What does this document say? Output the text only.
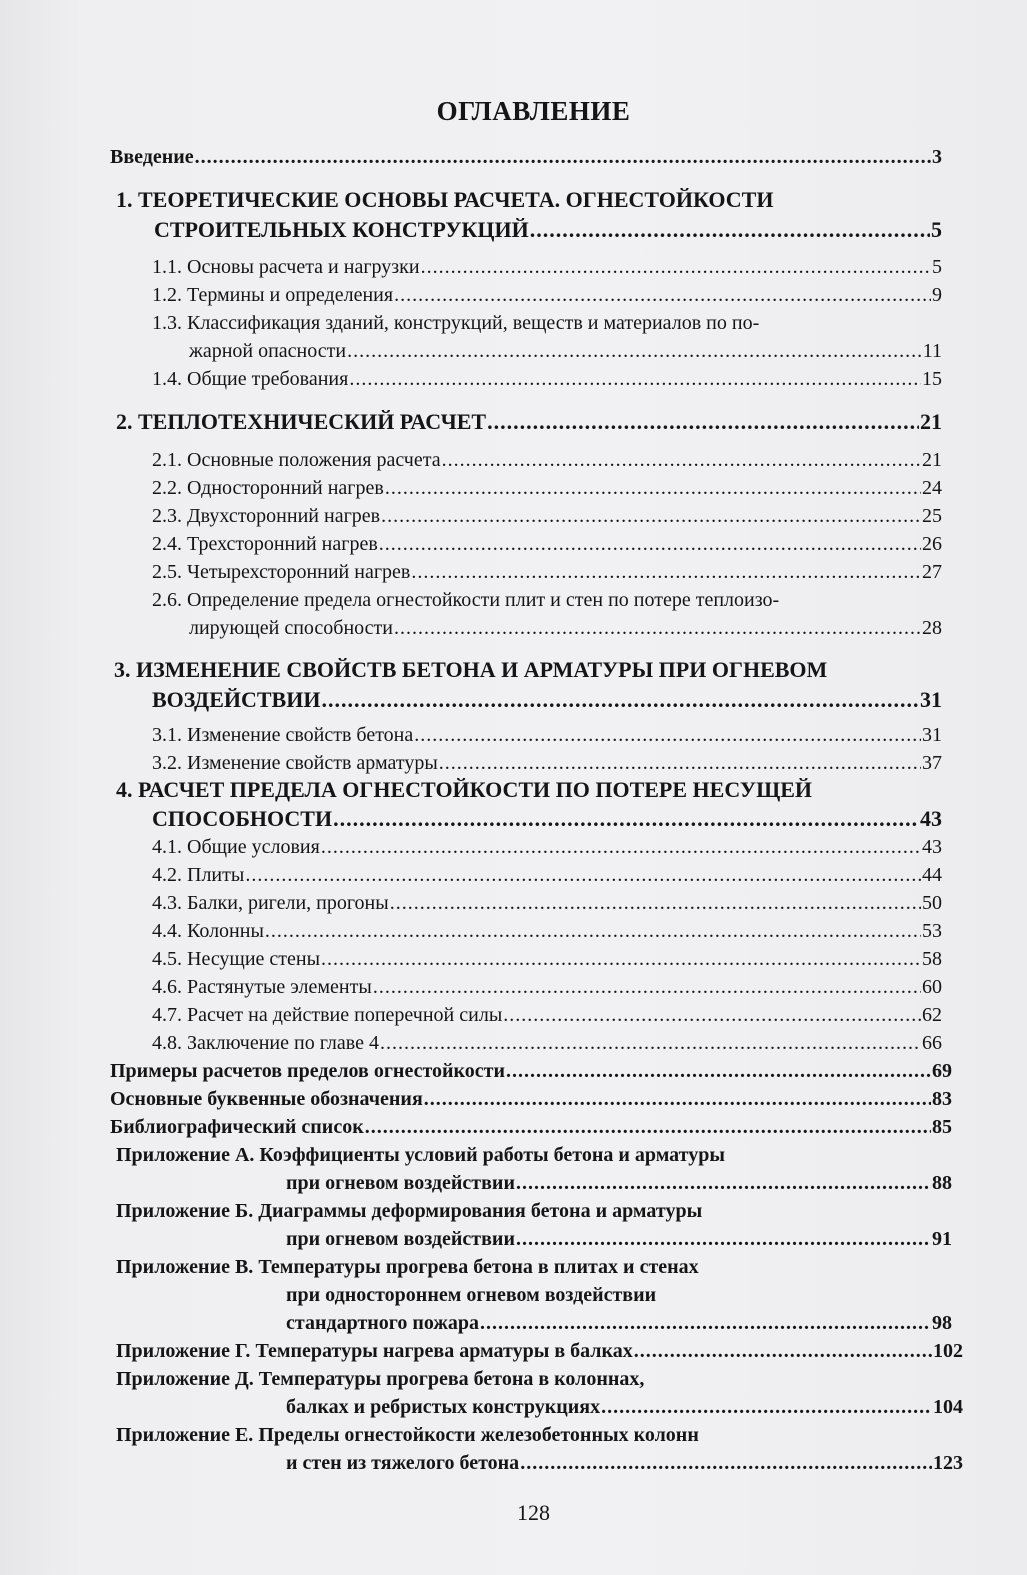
ОГЛАВЛЕНИЕ
Введение .....	3
1. ТЕОРЕТИЧЕСКИЕ ОСНОВЫ РАСЧЕТА. ОГНЕСТОЙКОСТИ
СТРОИТЕЛЬНЫХ КОНСТРУКЦИЙ .....	5
1.1. Основы расчета и нагрузки .....	5
1.2. Термины и определения .....	9
1.3. Классификация зданий, конструкций, веществ и материалов по по-
жарной опасности .....	11
1.4. Общие требования .....	15
2. ТЕПЛОТЕХНИЧЕСКИЙ РАСЧЕТ .....	21
2.1. Основные положения расчета .....	21
2.2. Односторонний нагрев .....	24
2.3. Двухсторонний нагрев .....	25
2.4. Трехсторонний нагрев .....	26
2.5. Четырехсторонний нагрев .....	27
2.6. Определение предела огнестойкости плит и стен по потере теплоизо-
лирующей способности .....	28
3. ИЗМЕНЕНИЕ СВОЙСТВ БЕТОНА И АРМАТУРЫ ПРИ ОГНЕВОМ
ВОЗДЕЙСТВИИ .....	31
3.1. Изменение свойств бетона .....	31
3.2. Изменение свойств арматуры .....	37
4. РАСЧЕТ ПРЕДЕЛА ОГНЕСТОЙКОСТИ ПО ПОТЕРЕ НЕСУЩЕЙ
СПОСОБНОСТИ .....	43
4.1. Общие условия .....	43
4.2. Плиты .....	44
4.3. Балки, ригели, прогоны .....	50
4.4. Колонны .....	53
4.5. Несущие стены .....	58
4.6. Растянутые элементы .....	60
4.7. Расчет на действие поперечной силы .....	62
4.8. Заключение по главе 4 .....	66
Примеры расчетов пределов огнестойкости .....	69
Основные буквенные обозначения .....	83
Библиографический список .....	85
Приложение А. Коэффициенты условий работы бетона и арматуры
при огневом воздействии .....	88
Приложение Б. Диаграммы деформирования бетона и арматуры
при огневом воздействии .....	91
Приложение В. Температуры прогрева бетона в плитах и стенах
при одностороннем огневом воздействии
стандартного пожара .....	98
Приложение Г. Температуры нагрева арматуры в балках .....	102
Приложение Д. Температуры прогрева бетона в колоннах,
балках и ребристых конструкциях .....	104
Приложение Е. Пределы огнестойкости железобетонных колонн
и стен из тяжелого бетона .....	123
128
